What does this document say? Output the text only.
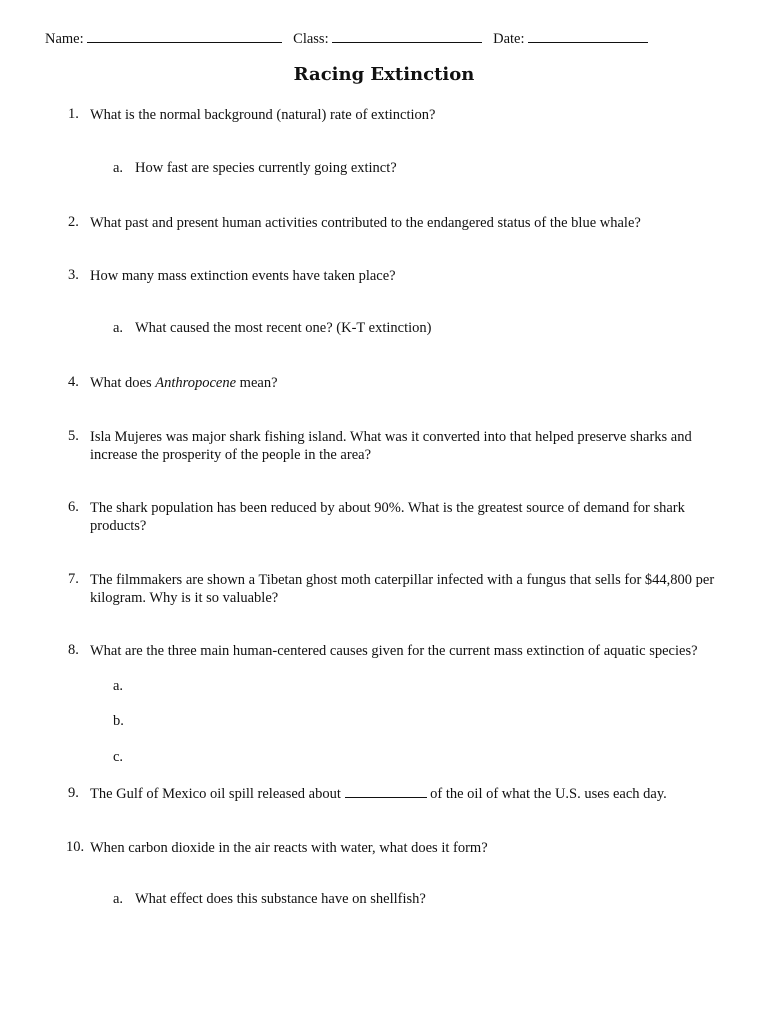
Name:	Class:	Date:
Racing Extinction
1. What is the normal background (natural) rate of extinction?
a. How fast are species currently going extinct?
2. What past and present human activities contributed to the endangered status of the blue whale?
3. How many mass extinction events have taken place?
a. What caused the most recent one? (K-T extinction)
4. What does Anthropocene mean?
5. Isla Mujeres was major shark fishing island. What was it converted into that helped preserve sharks and increase the prosperity of the people in the area?
6. The shark population has been reduced by about 90%. What is the greatest source of demand for shark products?
7. The filmmakers are shown a Tibetan ghost moth caterpillar infected with a fungus that sells for $44,800 per kilogram. Why is it so valuable?
8. What are the three main human-centered causes given for the current mass extinction of aquatic species?
a.
b.
c.
9. The Gulf of Mexico oil spill released about	of the oil of what the U.S. uses each day.
10. When carbon dioxide in the air reacts with water, what does it form?
a. What effect does this substance have on shellfish?
